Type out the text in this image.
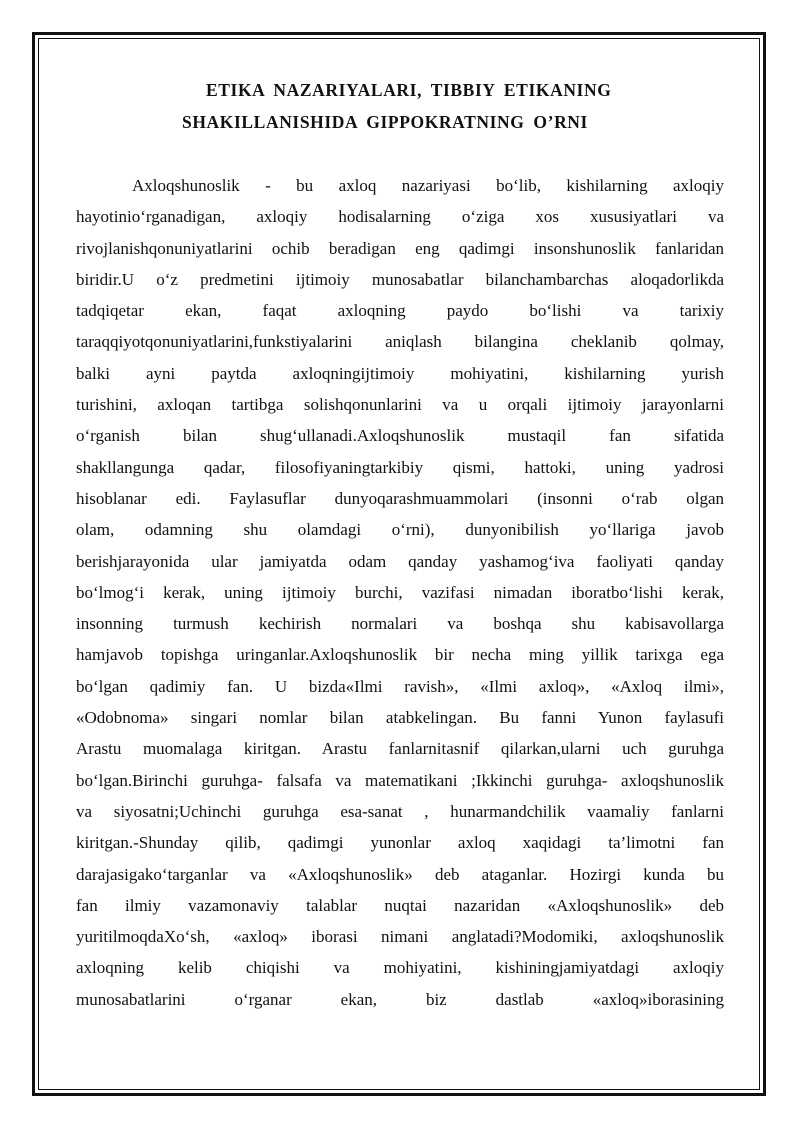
ETIKA NAZARIYALARI, TIBBIY ETIKANING
SHAKILLANISHIDA GIPPOKRATNING O’RNI
Axloqshunoslik - bu axloq nazariyasi bo‘lib, kishilarning axloqiy
hayotinio‘rganadigan, axloqiy hodisalarning o‘ziga xos xususiyatlari va
rivojlanishqonuniyatlarini ochib beradigan eng qadimgi insonshunoslik fanlaridan
biridir.U o‘z predmetini ijtimoiy munosabatlar bilanchambarchas aloqadorlikda
tadqiqetar ekan, faqat axloqning paydo bo‘lishi va tarixiy
taraqqiyotqonuniyatlarini,funkstiyalarini aniqlash bilangina cheklanib qolmay,
balki ayni paytda axloqningijtimoiy mohiyatini, kishilarning yurish
turishini, axloqan tartibga solishqonunlarini va u orqali ijtimoiy jarayonlarni
o‘rganish bilan shug‘ullanadi.Axloqshunoslik mustaqil fan sifatida
shakllangunga qadar, filosofiyaningtarkibiy qismi, hattoki, uning yadrosi
hisoblanar edi. Faylasuflar dunyoqarashmuammolari (insonni o‘rab olgan
olam, odamning shu olamdagi o‘rni), dunyonibilish yo‘llariga javob
berishjarayonida ular jamiyatda odam qanday yashamog‘iva faoliyati qanday
bo‘lmog‘i kerak, uning ijtimoiy burchi, vazifasi nimadan iboratbo‘lishi kerak,
insonning turmush kechirish normalari va boshqa shu kabisavollarga
hamjavob topishga uringanlar.Axloqshunoslik bir necha ming yillik tarixga ega
bo‘lgan qadimiy fan. U bizda«Ilmi ravish», «Ilmi axloq», «Axloq ilmi»,
«Odobnoma» singari nomlar bilan atabkelingan. Bu fanni Yunon faylasufi
Arastu muomalaga kiritgan. Arastu fanlarnitasnif qilarkan,ularni uch guruhga
bo‘lgan.Birinchi guruhga- falsafa va matematikani ;Ikkinchi guruhga- axloqshunoslik
va siyosatni;Uchinchi guruhga esa-sanat , hunarmandchilik vaamaliy fanlarni
kiritgan.-Shunday qilib, qadimgi yunonlar axloq xaqidagi ta’limotni fan
darajasigako‘targanlar va «Axloqshunoslik» deb ataganlar. Hozirgi kunda bu
fan ilmiy vazamonaviy talablar nuqtai nazaridan «Axloqshunoslik» deb
yuritilmoqdaXo‘sh, «axloq» iborasi nimani anglatadi?Modomiki, axloqshunoslik
axloqning kelib chiqishi va mohiyatini, kishiningjamiyatdagi axloqiy
munosabatlarini o‘rganar ekan, biz dastlab «axloq»iborasining
